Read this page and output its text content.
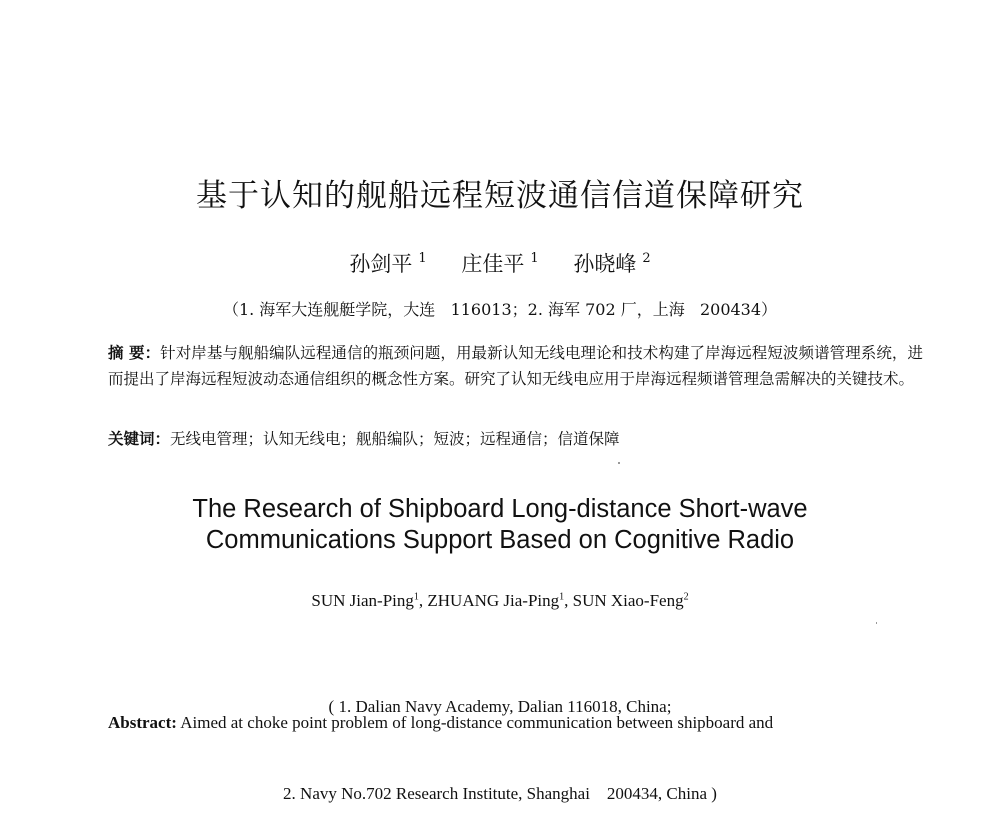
基于认知的舰船远程短波通信信道保障研究
孙剑平 $^1$ 庄佳平 $^1$ 孙晓峰 $^2$
（1. 海军大连舰艇学院，大连   116013；2. 海军 702 厂，上海   200434）
摘 要：针对岸基与舰船编队远程通信的瓶颈问题，用最新认知无线电理论和技术构建了岸海远程短波频谱管理系统，进而提出了岸海远程短波动态通信组织的概念性方案。研究了认知无线电应用于岸海远程频谱管理急需解决的关键技术。
关键词：无线电管理；认知无线电；舰船编队；短波；远程通信；信道保障
The Research of Shipboard Long-distance Short-wave
Communications Support Based on Cognitive Radio
SUN Jian-Ping$^1$, ZHUANG Jia-Ping$^1$, SUN Xiao-Feng$^2$

( 1. Dalian Navy Academy, Dalian 116018, China;

2. Navy No.702 Research Institute, Shanghai    200434, China )

Abstract: Aimed at choke point problem of long-distance communication between shipboard and
